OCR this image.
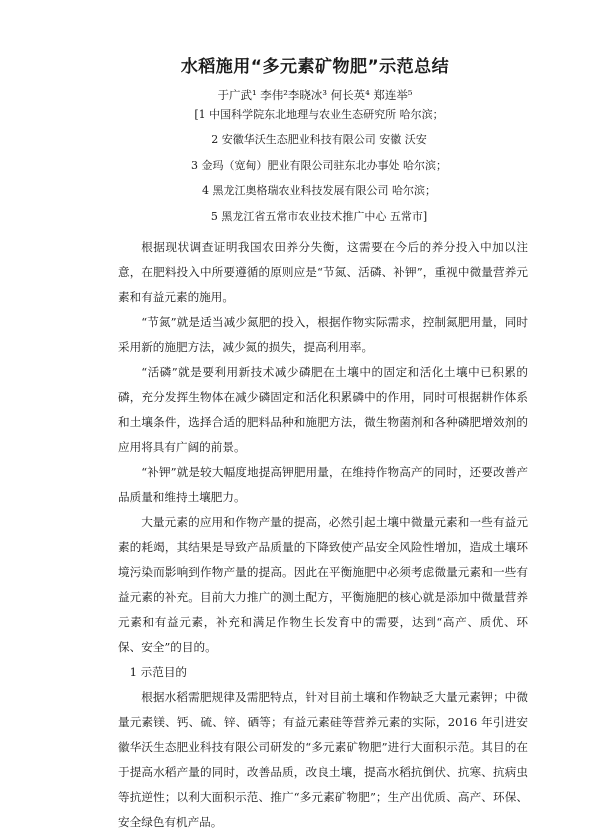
水稻施用“多元素矿物肥”示范总结
于广武¹ 李伟²李晓冰³ 何长英⁴ 郑连举⁵
[1 中国科学院东北地理与农业生态研究所 哈尔滨；
2 安徽华沃生态肥业科技有限公司 安徽 沃安
3 金玛（宽甸）肥业有限公司驻东北办事处 哈尔滨；
4 黑龙江奥格瑞农业科技发展有限公司 哈尔滨；
5 黑龙江省五常市农业技术推广中心 五常市]

根据现状调查证明我国农田养分失衡，这需要在今后的养分投入中加以注意，在肥料投入中所要遵循的原则应是“节氮、活磷、补钾”，重视中微量营养元素和有益元素的施用。

“节氮”就是适当减少氮肥的投入，根据作物实际需求，控制氮肥用量，同时采用新的施肥方法，减少氮的损失，提高利用率。

“活磷”就是要利用新技术减少磷肥在土壤中的固定和活化土壤中已积累的磷，充分发挥生物体在减少磷固定和活化积累磷中的作用，同时可根据耕作体系和土壤条件，选择合适的肥料品种和施肥方法，微生物菌剂和各种磷肥增效剂的应用将具有广阔的前景。

“补钾”就是较大幅度地提高钾肥用量，在维持作物高产的同时，还要改善产品质量和维持土壤肥力。

大量元素的应用和作物产量的提高，必然引起土壤中微量元素和一些有益元素的耗竭，其结果是导致产品质量的下降致使产品安全风险性增加，造成土壤环境污染而影响到作物产量的提高。因此在平衡施肥中必须考虑微量元素和一些有益元素的补充。目前大力推广的测土配方，平衡施肥的核心就是添加中微量营养元素和有益元素，补充和满足作物生长发育中的需要，达到“高产、质优、环保、安全”的目的。

1 示范目的

根据水稻需肥规律及需肥特点，针对目前土壤和作物缺乏大量元素钾；中微量元素镁、钙、硫、锌、硒等；有益元素硅等营养元素的实际，2016 年引进安徽华沃生态肥业科技有限公司研发的“多元素矿物肥”进行大面积示范。其目的在于提高水稻产量的同时，改善品质，改良土壤，提高水稻抗倒伏、抗寒、抗病虫等抗逆性；以利大面积示范、推广“多元素矿物肥”；生产出优质、高产、环保、安全绿色有机产品。
